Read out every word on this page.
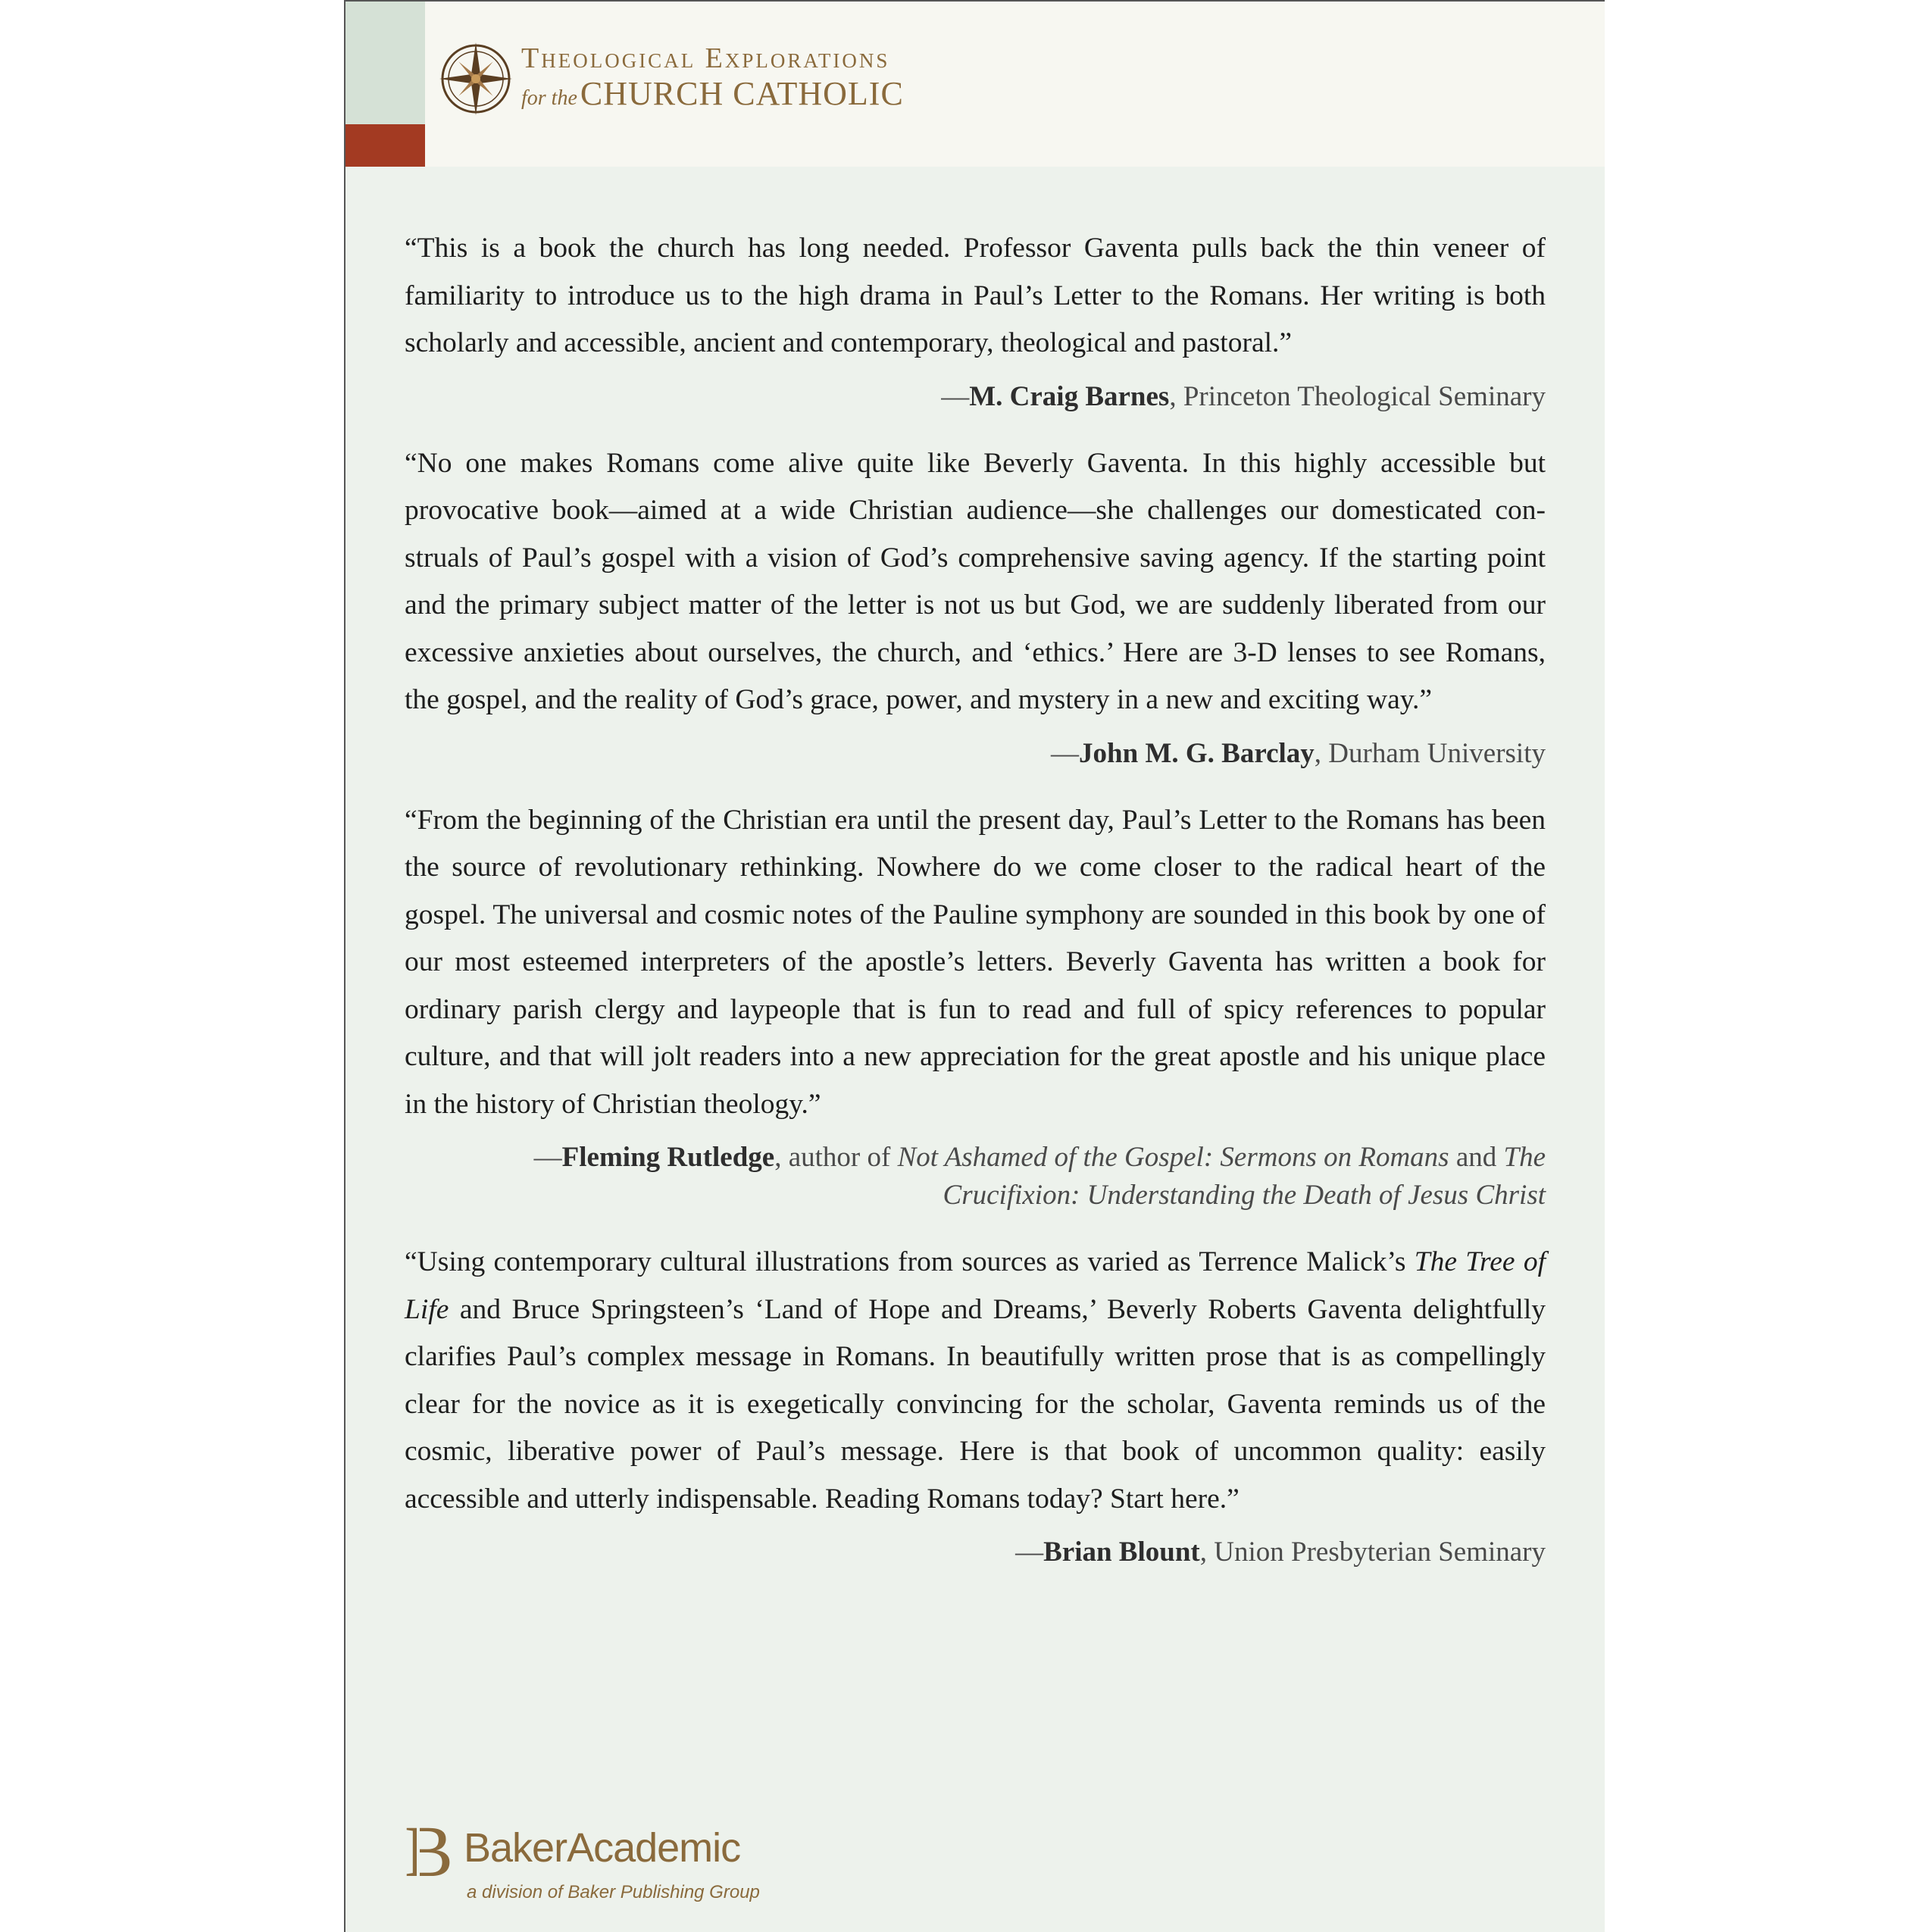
Theological Explorations
for the CHURCH CATHOLIC

“This is a book the church has long needed. Professor Gaventa pulls back the thin veneer of familiarity to introduce us to the high drama in Paul’s Letter to the Romans. Her writing is both scholarly and accessible, ancient and contemporary, theological and pastoral.”

—M. Craig Barnes, Princeton Theological Seminary

“No one makes Romans come alive quite like Beverly Gaventa. In this highly accessible but provocative book—aimed at a wide Christian audience—she challenges our domesticated construals of Paul’s gospel with a vision of God’s comprehensive saving agency. If the starting point and the primary subject matter of the letter is not us but God, we are suddenly liberated from our excessive anxieties about ourselves, the church, and ‘ethics.’ Here are 3-D lenses to see Romans, the gospel, and the reality of God’s grace, power, and mystery in a new and exciting way.”

—John M. G. Barclay, Durham University

“From the beginning of the Christian era until the present day, Paul’s Letter to the Romans has been the source of revolutionary rethinking. Nowhere do we come closer to the radical heart of the gospel. The universal and cosmic notes of the Pauline symphony are sounded in this book by one of our most esteemed interpreters of the apostle’s letters. Beverly Gaventa has written a book for ordinary parish clergy and laypeople that is fun to read and full of spicy references to popular culture, and that will jolt readers into a new appreciation for the great apostle and his unique place in the history of Christian theology.”

—Fleming Rutledge, author of Not Ashamed of the Gospel: Sermons on Romans and The Crucifixion: Understanding the Death of Jesus Christ

“Using contemporary cultural illustrations from sources as varied as Terrence Malick’s The Tree of Life and Bruce Springsteen’s ‘Land of Hope and Dreams,’ Beverly Roberts Gaventa delightfully clarifies Paul’s complex message in Romans. In beautifully written prose that is as compellingly clear for the novice as it is exegetically convincing for the scholar, Gaventa reminds us of the cosmic, liberative power of Paul’s message. Here is that book of uncommon quality: easily accessible and utterly indispensable. Reading Romans today? Start here.”

—Brian Blount, Union Presbyterian Seminary
B BakerAcademic
a division of Baker Publishing Group
